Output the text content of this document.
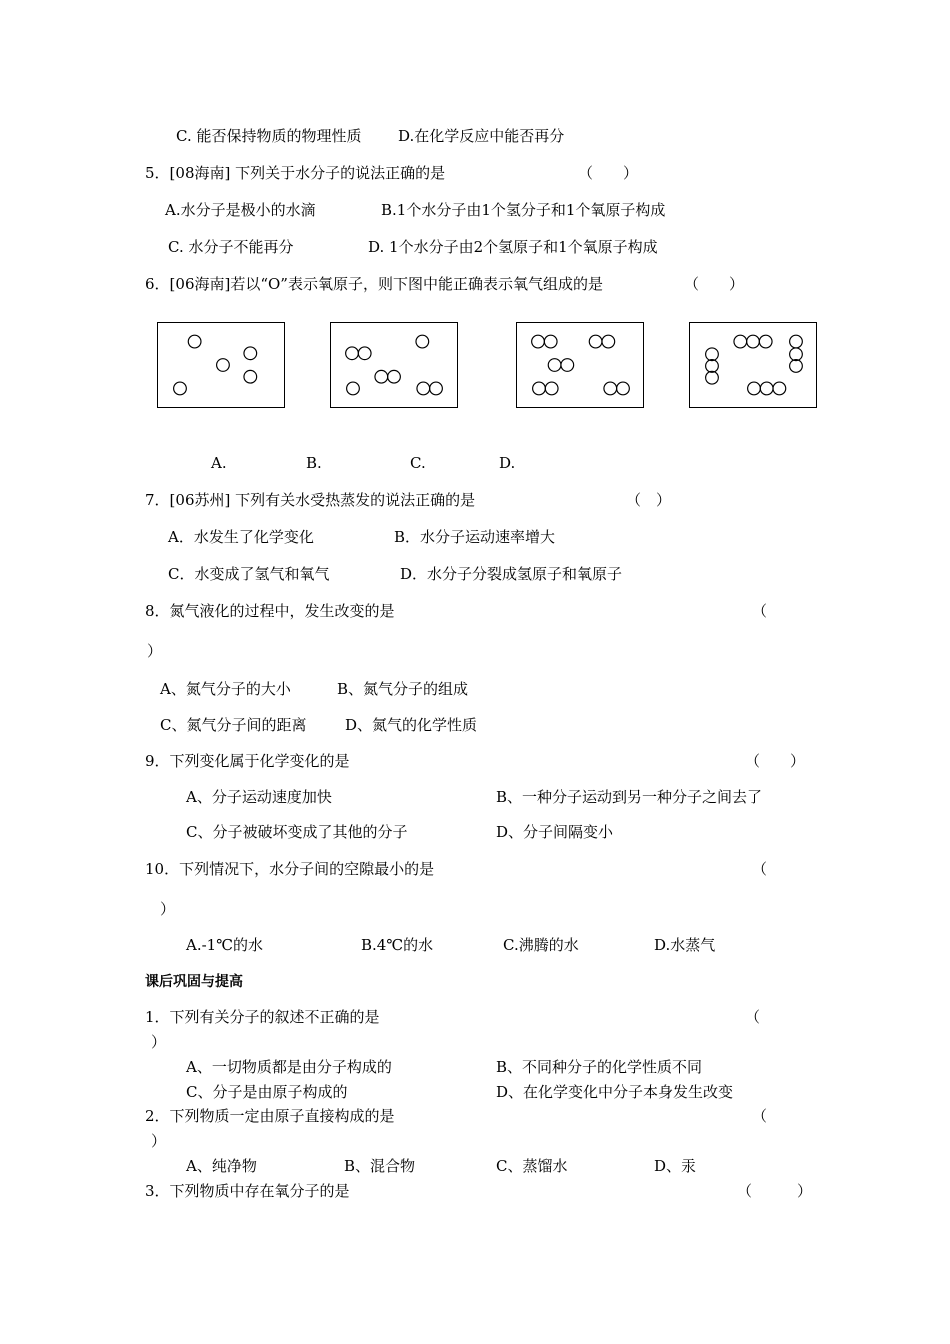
C. 能否保持物质的物理性质 D.在化学反应中能否再分
5．[08海南] 下列关于水分子的说法正确的是	（　　）
A.水分子是极小的水滴	B.1个水分子由1个氢分子和1个氧原子构成
C. 水分子不能再分	D. 1个水分子由2个氢原子和1个氧原子构成
6．[06海南]若以“O”表示氧原子，则下图中能正确表示氧气组成的是	（　　）
A.	B.	C.	D.
7．[06苏州] 下列有关水受热蒸发的说法正确的是	（　）
A．水发生了化学变化	B．水分子运动速率增大
C．水变成了氢气和氧气	D．水分子分裂成氢原子和氧原子
8．氮气液化的过程中，发生改变的是	（
）
A、氮气分子的大小	B、氮气分子的组成
C、氮气分子间的距离	D、氮气的化学性质
9．下列变化属于化学变化的是	（　　）
A、分子运动速度加快	B、一种分子运动到另一种分子之间去了
C、分子被破坏变成了其他的分子	D、分子间隔变小
10．下列情况下，水分子间的空隙最小的是	（
）
A.-1℃的水	B.4℃的水	C.沸腾的水	D.水蒸气
课后巩固与提高
1．下列有关分子的叙述不正确的是	（
）
A、一切物质都是由分子构成的	B、不同种分子的化学性质不同
C、分子是由原子构成的	D、在化学变化中分子本身发生改变
2．下列物质一定由原子直接构成的是	（
）
A、纯净物	B、混合物	C、蒸馏水	D、汞
3．下列物质中存在氧分子的是	（　　　）
